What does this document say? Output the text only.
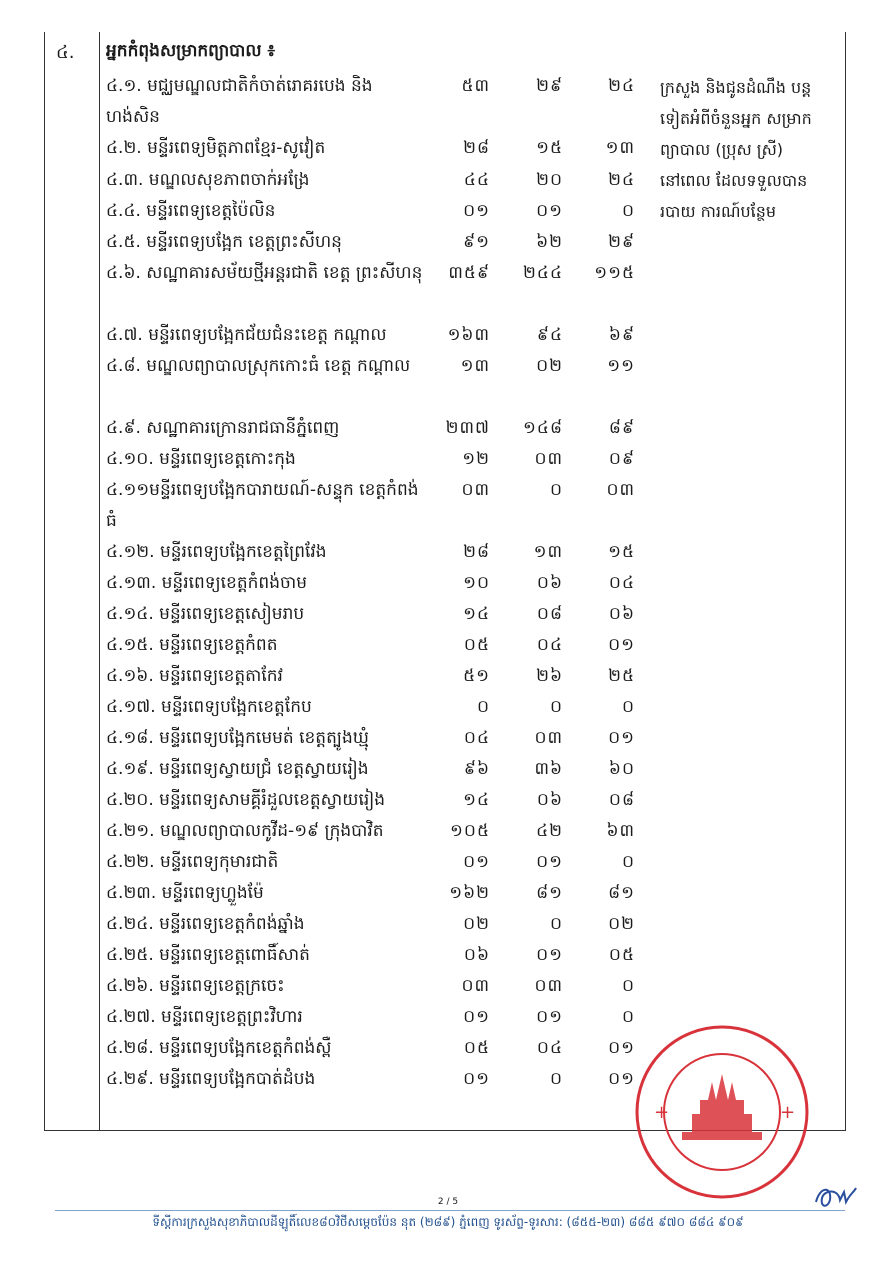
៤. អ្នកកំពុងសម្រាកព្យាបាល ៖
៤.១. មជ្ឈមណ្ឌលជាតិកំចាត់រោគរបេង និង ហង់សិន
៥៣	២៩	២៤
៤.២. មន្ទីរពេទ្យមិត្តភាពខ្មែរ-សូវៀត	២៨	១៥	១៣
៤.៣. មណ្ឌលសុខភាពចាក់អង្រែ	៤៤	២០	២៤
៤.៤. មន្ទីរពេទ្យខេត្តប៉ៃលិន	០១	០១	០
៤.៥. មន្ទីរពេទ្យបង្អែក ខេត្តព្រះសីហនុ	៩១	៦២	២៩
៤.៦. សណ្ឋាគារសម័យថ្មីអន្តរជាតិ ខេត្ត ព្រះសីហនុ	៣៥៩	២៤៤	១១៥
៤.៧. មន្ទីរពេទ្យបង្អែកជ័យជំនះខេត្ត កណ្ដាល	១៦៣	៩៤	៦៩
៤.៨. មណ្ឌលព្យាបាលស្រុកកោះធំ ខេត្ត កណ្ដាល	១៣	០២	១១
៤.៩. សណ្ឋាគារក្រោនរាជធានីភ្នំពេញ	២៣៧	១៤៨	៨៩
៤.១០. មន្ទីរពេទ្យខេត្តកោះកុង	១២	០៣	០៩
៤.១១មន្ទីរពេទ្យបង្អែកបារាយណ៍-សន្ទុក ខេត្តកំពង់ធំ
០៣	០	០៣
៤.១២. មន្ទីរពេទ្យបង្អែកខេត្តព្រៃវែង	២៨	១៣	១៥
៤.១៣. មន្ទីរពេទ្យខេត្តកំពង់ចាម	១០	០៦	០៤
៤.១៤. មន្ទីរពេទ្យខេត្តសៀមរាប	១៤	០៨	០៦
៤.១៥. មន្ទីរពេទ្យខេត្តកំពត	០៥	០៤	០១
៤.១៦. មន្ទីរពេទ្យខេត្តតាកែវ	៥១	២៦	២៥
៤.១៧. មន្ទីរពេទ្យបង្អែកខេត្តកែប	០	០	០
៤.១៨. មន្ទីរពេទ្យបង្អែកមេមត់ ខេត្តត្បូងឃ្មុំ	០៤	០៣	០១
៤.១៩. មន្ទីរពេទ្យស្វាយជ្រំ ខេត្តស្វាយរៀង	៩៦	៣៦	៦០
៤.២០. មន្ទីរពេទ្យសាមគ្គីរំដួលខេត្តស្វាយរៀង	១៤	០៦	០៨
៤.២១. មណ្ឌលព្យាបាលកូវីដ-១៩ ក្រុងបាវិត	១០៥	៤២	៦៣
៤.២២. មន្ទីរពេទ្យកុមារជាតិ	០១	០១	០
៤.២៣. មន្ទីរពេទ្យហ្លួងម៉ែ	១៦២	៨១	៨១
៤.២៤. មន្ទីរពេទ្យខេត្តកំពង់ឆ្នាំង	០២	០	០២
៤.២៥. មន្ទីរពេទ្យខេត្តពោធិ៍សាត់	០៦	០១	០៥
៤.២៦. មន្ទីរពេទ្យខេត្តក្រចេះ	០៣	០៣	០
៤.២៧. មន្ទីរពេទ្យខេត្តព្រះវិហារ	០១	០១	០
៤.២៨. មន្ទីរពេទ្យបង្អែកខេត្តកំពង់ស្ពឺ	០៥	០៤	០១
៤.២៩. មន្ទីរពេទ្យបង្អែកបាត់ដំបង	០១	០	០១
ក្រសួង និងជូនដំណឹង បន្តទៀតអំពីចំនួនអ្នក សម្រាកព្យាបាល (ប្រុស ស្រី) នៅពេល ដែលទទួលបានរបាយ ការណ៍បន្ថែម
+	+
2 / 5
ទីស្តីការក្រសួងសុខាភិបាលដីឡូតិ៍លេខ៨០វិថីសម្តេចប៉ែន នុត (២៨៩) ភ្នំពេញ ទូរស័ព្ទ-ទូរសារ: (៨៥៥-២៣) ៨៨៥ ៩៧០ ៨៨៤ ៩០៩
